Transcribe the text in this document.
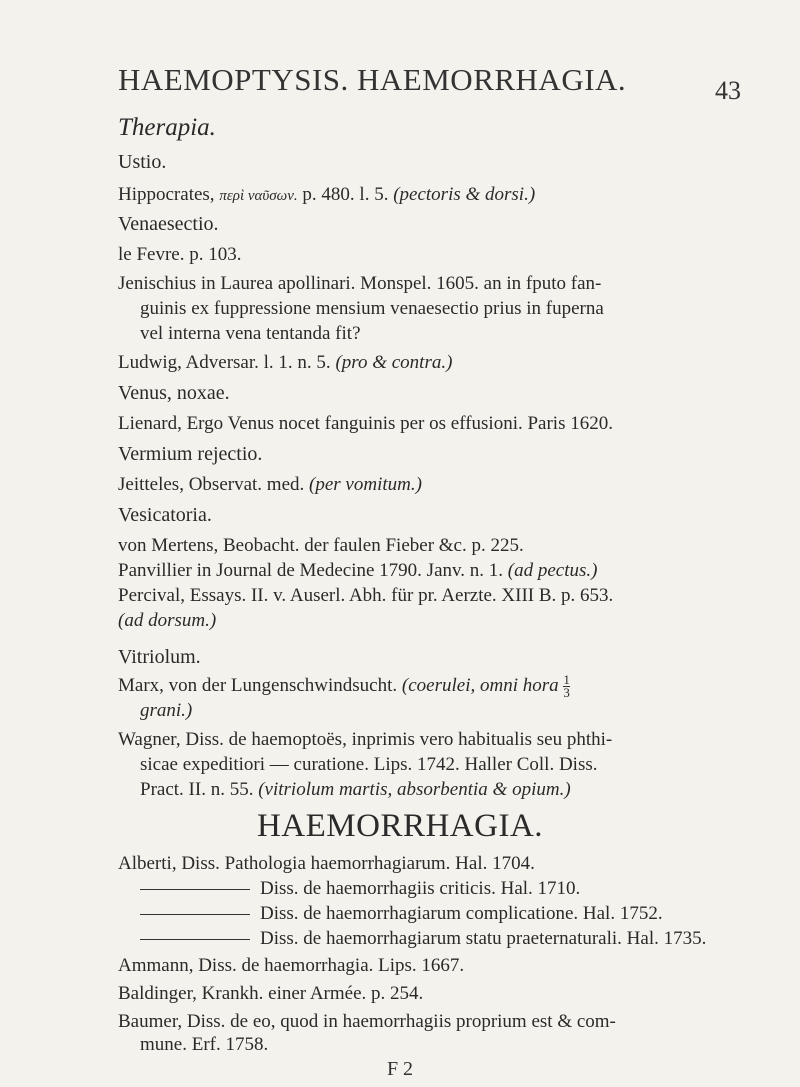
HAEMOPTYSIS. HAEMORRHAGIA.	43
Therapia.
Ustio.
Hippocrates, περὶ ναῦσων. p. 480. l. 5. (pectoris & dorsi.)
Venaesectio.
le Fevre. p. 103.
Jenischius in Laurea apollinari. Monspel. 1605. an in fputo fan-
guinis ex fuppressione mensium venaesectio prius in fuperna
vel interna vena tentanda fit?
Ludwig, Adversar. l. 1. n. 5. (pro & contra.)
Venus, noxae.
Lienard, Ergo Venus nocet fanguinis per os effusioni. Paris 1620.
Vermium rejectio.
Jeitteles, Observat. med. (per vomitum.)
Vesicatoria.
von Mertens, Beobacht. der faulen Fieber &c. p. 225.
Panvillier in Journal de Medecine 1790. Janv. n. 1. (ad pectus.)
Percival, Essays. II. v. Auserl. Abh. für pr. Aerzte. XIII B. p. 653.
(ad dorsum.)
Vitriolum.
Marx, von der Lungenschwindsucht. (coerulei, omni hora $\frac{1}{3}$
grani.)
Wagner, Diss. de haemoptoës, inprimis vero habitualis seu phthi-
sicae expeditiori — curatione. Lips. 1742. Haller Coll. Diss.
Pract. II. n. 55. (vitriolum martis, absorbentia & opium.)
HAEMORRHAGIA.
Alberti, Diss. Pathologia haemorrhagiarum. Hal. 1704.
Diss. de haemorrhagiis criticis. Hal. 1710.
Diss. de haemorrhagiarum complicatione. Hal. 1752.
Diss. de haemorrhagiarum statu praeternaturali. Hal. 1735.
Ammann, Diss. de haemorrhagia. Lips. 1667.
Baldinger, Krankh. einer Armée. p. 254.
Baumer, Diss. de eo, quod in haemorrhagiis proprium est & com-
mune. Erf. 1758.
F 2
